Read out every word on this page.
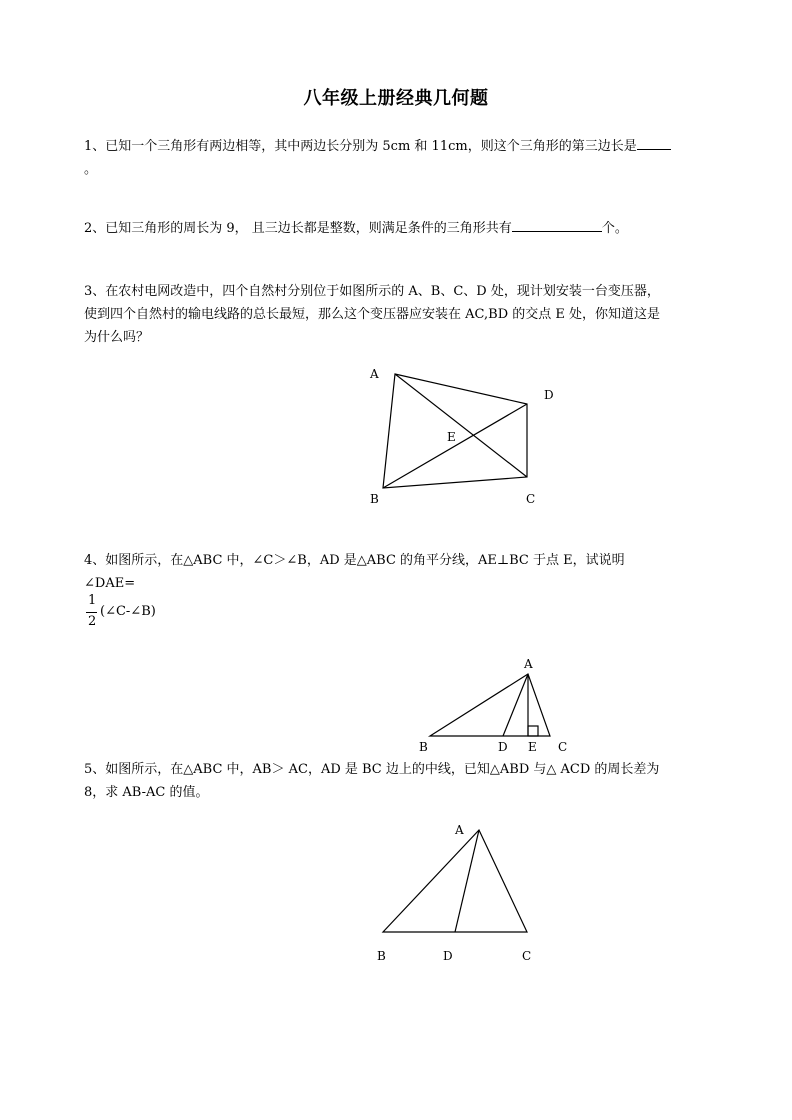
八年级上册经典几何题
1、已知一个三角形有两边相等，其中两边长分别为 5cm 和 11cm，则这个三角形的第三边长是
。
2、已知三角形的周长为 9， 且三边长都是整数，则满足条件的三角形共有	个。
3、在农村电网改造中，四个自然村分别位于如图所示的 A、B、C、D 处，现计划安装一台变压器，
使到四个自然村的输电线路的总长最短，那么这个变压器应安装在 AC,BD 的交点 E 处，你知道这是
为什么吗？
4、如图所示，在△ABC 中，∠C＞∠B，AD 是△ABC 的角平分线，AE⊥BC 于点 E，试说明
∠DAE=
1
2
(∠C-∠B)
5、如图所示，在△ABC 中，AB＞ AC，AD 是 BC 边上的中线，已知△ABD 与△ ACD 的周长差为
8，求 AB-AC 的值。
A
D
E
B	C
A
B	D E C
A
B	D	C
